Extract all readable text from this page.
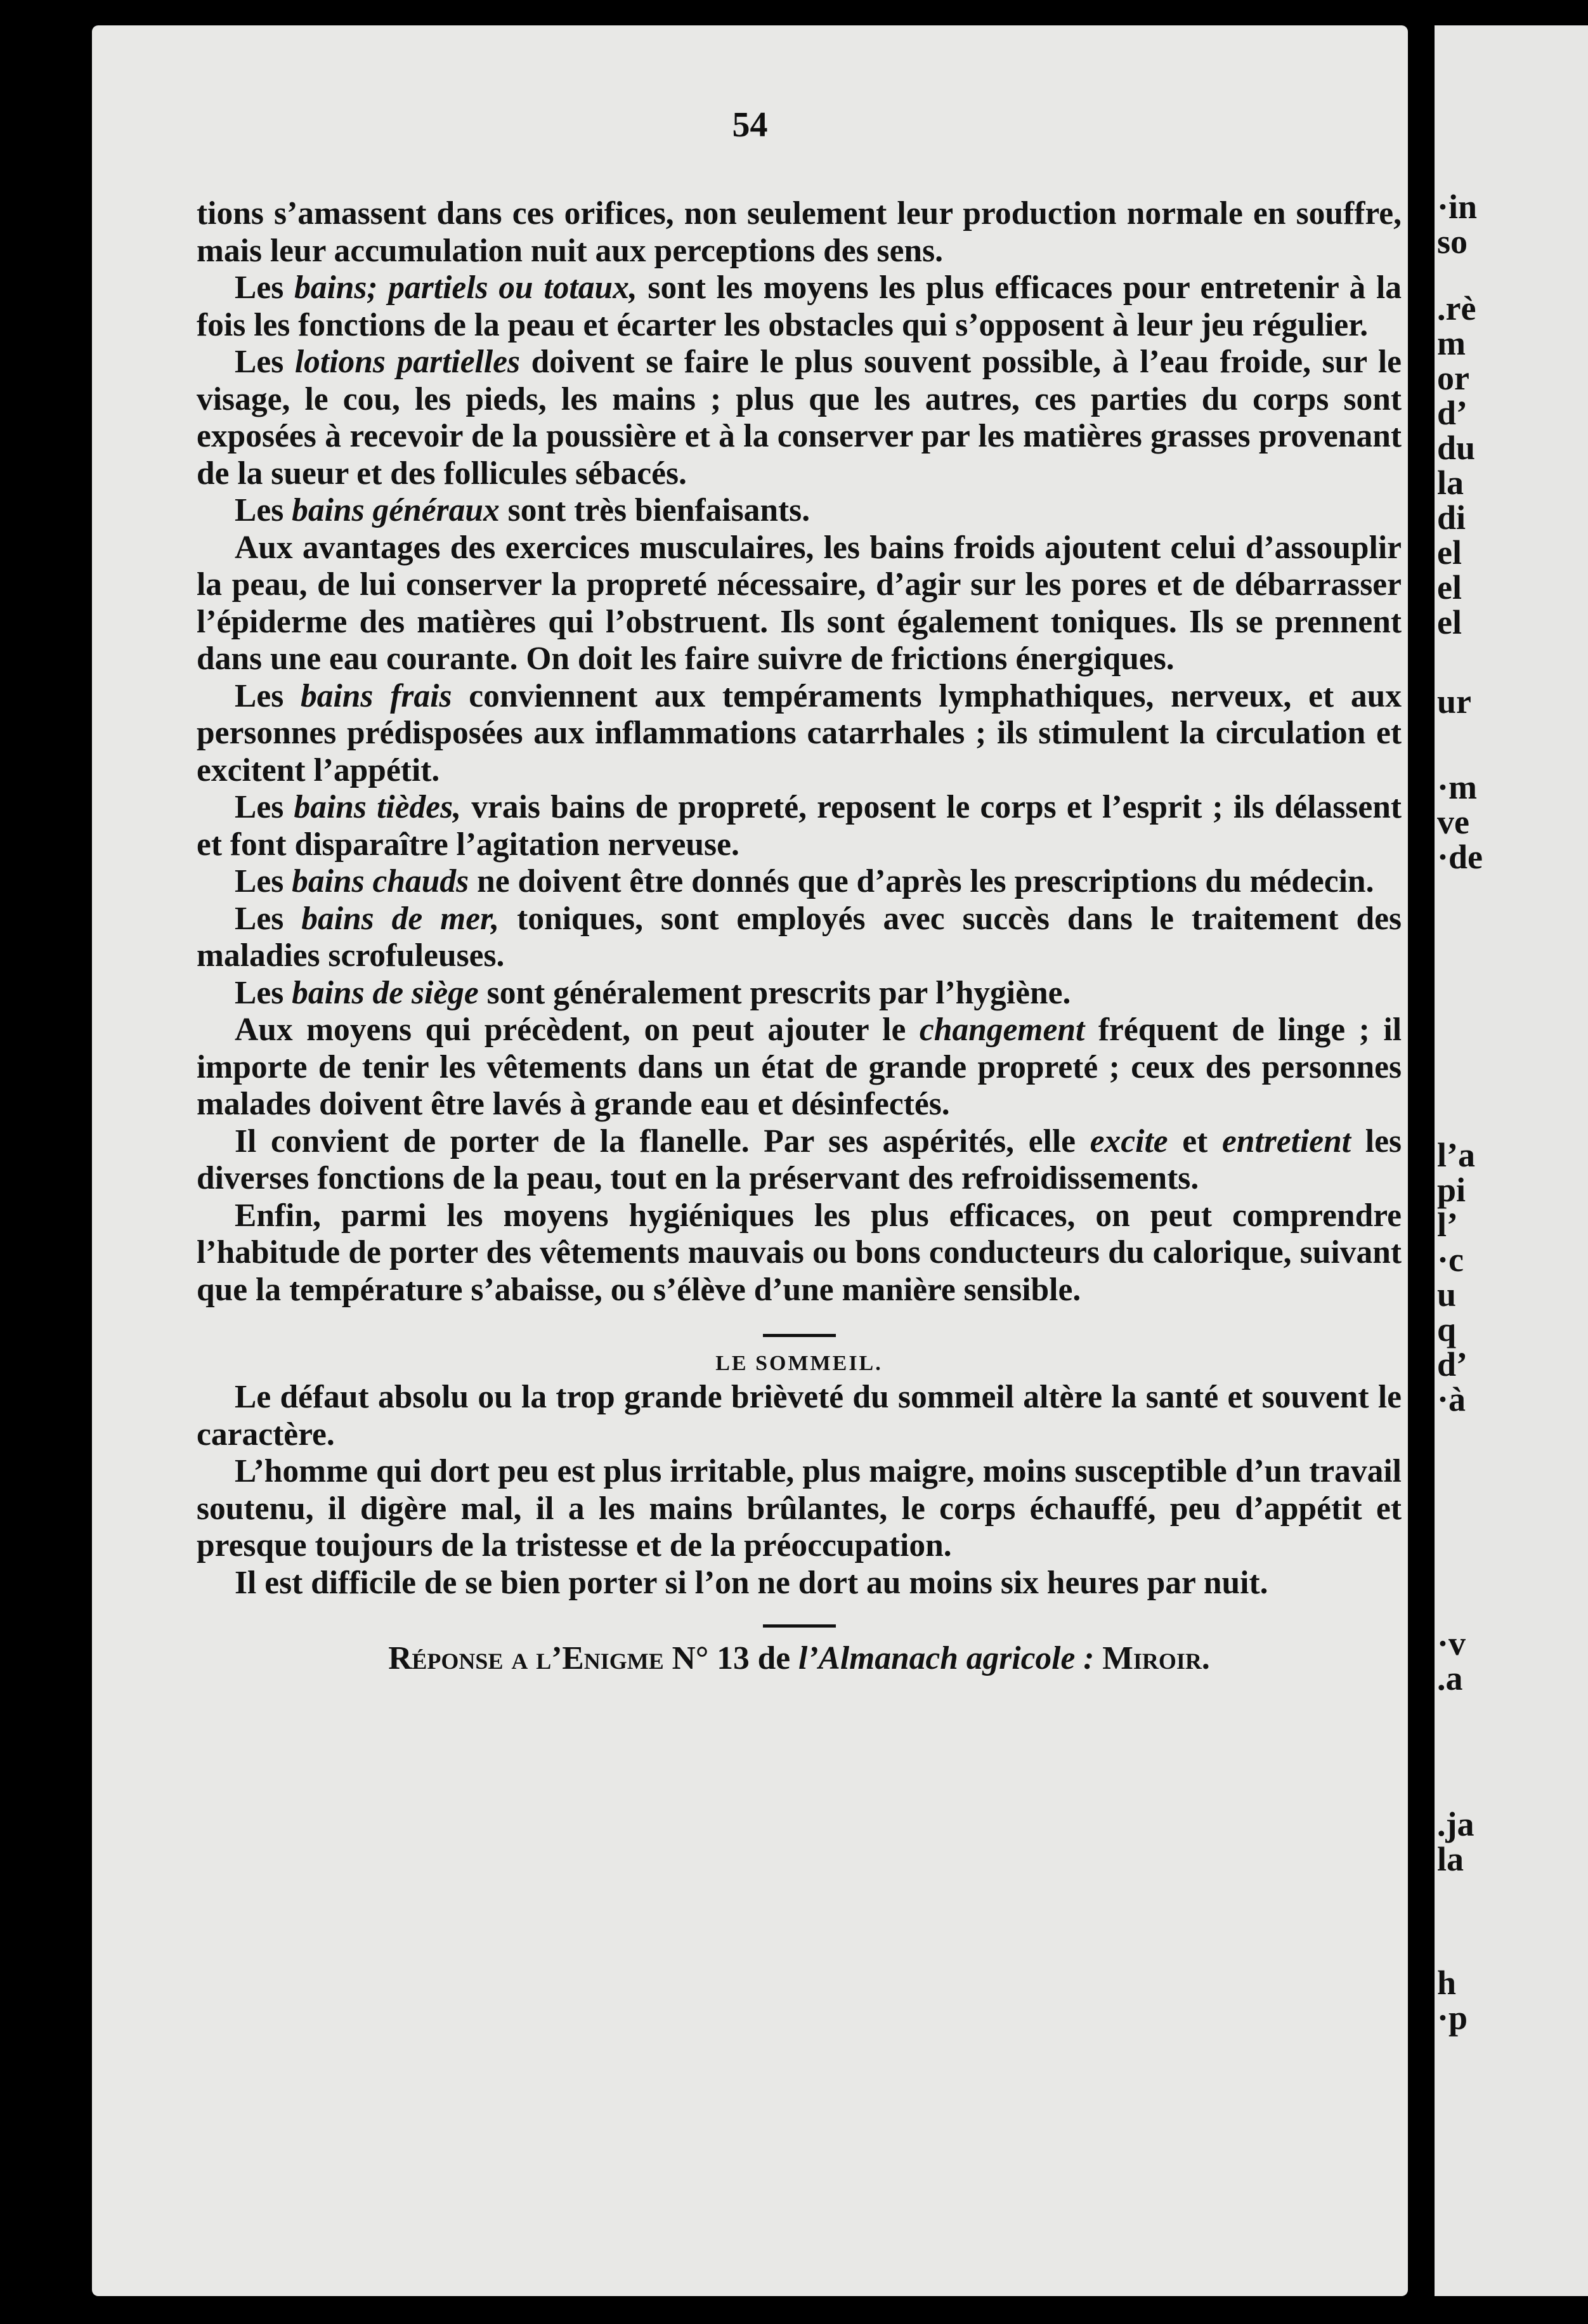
54

tions s’amassent dans ces orifices, non seulement leur production normale en souffre, mais leur accumulation nuit aux perceptions des sens.

Les bains; partiels ou totaux, sont les moyens les plus efficaces pour entretenir à la fois les fonctions de la peau et écarter les obstacles qui s’opposent à leur jeu régulier.

Les lotions partielles doivent se faire le plus souvent possible, à l’eau froide, sur le visage, le cou, les pieds, les mains ; plus que les autres, ces parties du corps sont exposées à recevoir de la poussière et à la conserver par les matières grasses provenant de la sueur et des follicules sébacés.

Les bains généraux sont très bienfaisants.

Aux avantages des exercices musculaires, les bains froids ajoutent celui d’assouplir la peau, de lui conserver la propreté nécessaire, d’agir sur les pores et de débarrasser l’épiderme des matières qui l’obstruent. Ils sont également toniques. Ils se prennent dans une eau courante. On doit les faire suivre de frictions énergiques.

Les bains frais conviennent aux tempéraments lymphathiques, nerveux, et aux personnes prédisposées aux inflammations catarrhales ; ils stimulent la circulation et excitent l’appétit.

Les bains tièdes, vrais bains de propreté, reposent le corps et l’esprit ; ils délassent et font disparaître l’agitation nerveuse.

Les bains chauds ne doivent être donnés que d’après les prescriptions du médecin.

Les bains de mer, toniques, sont employés avec succès dans le traitement des maladies scrofuleuses.

Les bains de siège sont généralement prescrits par l’hygiène.

Aux moyens qui précèdent, on peut ajouter le changement fréquent de linge ; il importe de tenir les vêtements dans un état de grande propreté ; ceux des personnes malades doivent être lavés à grande eau et désinfectés.

Il convient de porter de la flanelle. Par ses aspérités, elle excite et entretient les diverses fonctions de la peau, tout en la préservant des refroidissements.

Enfin, parmi les moyens hygiéniques les plus efficaces, on peut comprendre l’habitude de porter des vêtements mauvais ou bons conducteurs du calorique, suivant que la température s’abaisse, ou s’élève d’une manière sensible.

LE SOMMEIL.

Le défaut absolu ou la trop grande brièveté du sommeil altère la santé et souvent le caractère.

L’homme qui dort peu est plus irritable, plus maigre, moins susceptible d’un travail soutenu, il digère mal, il a les mains brûlantes, le corps échauffé, peu d’appétit et presque toujours de la tristesse et de la préoccupation.

Il est difficile de se bien porter si l’on ne dort au moins six heures par nuit.

Réponse a l’Enigme N° 13 de l’Almanach agricole : Miroir.

·in
so
.rè
m
or
d’
du
la
di
el
el
el
ur
·m
ve
·de
l’a
pi
l’
·c
u
q
d’
·à
·v
.a
.ja
la
h
·p
